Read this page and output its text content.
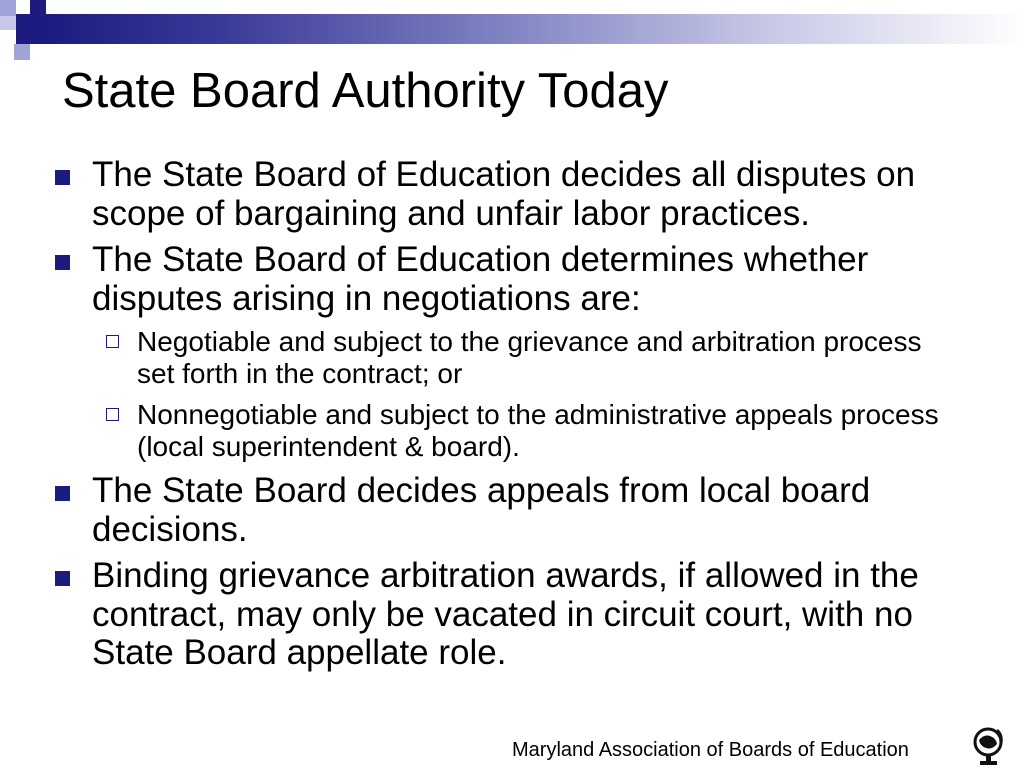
State Board Authority Today
The State Board of Education decides all disputes on scope of bargaining and unfair labor practices.
The State Board of Education determines whether disputes arising in negotiations are:
Negotiable and subject to the grievance and arbitration process set forth in the contract; or
Nonnegotiable and subject to the administrative appeals process (local superintendent & board).
The State Board decides appeals from local board decisions.
Binding grievance arbitration awards, if allowed in the contract, may only be vacated in circuit court, with no State Board appellate role.
Maryland Association of Boards of Education
